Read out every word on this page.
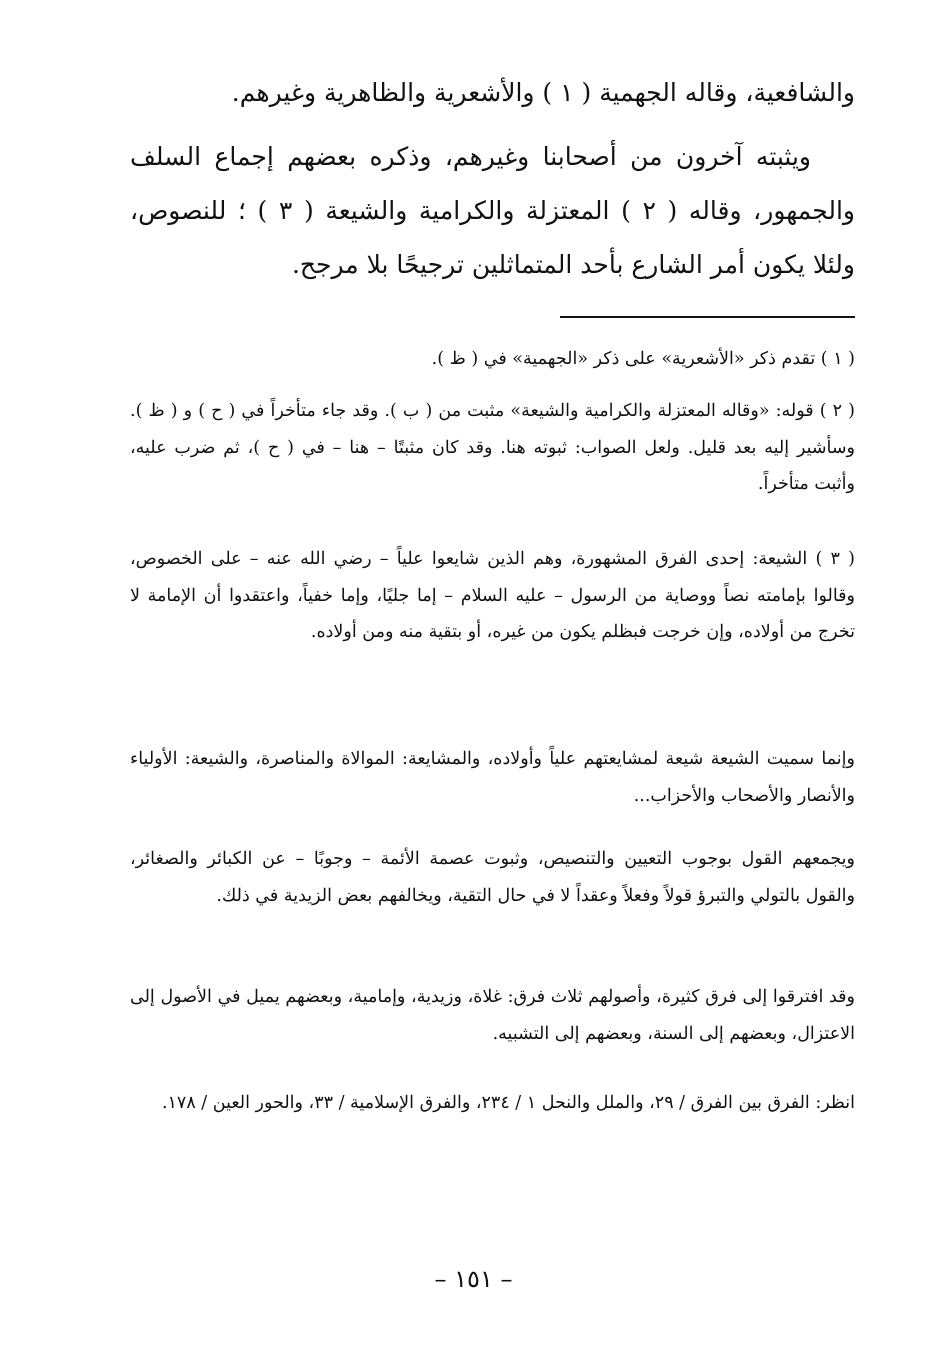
والشافعية، وقاله الجهمية ( ١ ) والأشعرية والظاهرية وغيرهم.
ويثبته آخرون من أصحابنا وغيرهم، وذكره بعضهم إجماع السلف والجمهور، وقاله ( ٢ ) المعتزلة والكرامية والشيعة ( ٣ ) ؛ للنصوص، ولئلا يكون أمر الشارع بأحد المتماثلين ترجيحًا بلا مرجح.
( ١ ) تقدم ذكر «الأشعرية» على ذكر «الجهمية» في ( ظ ).
( ٢ ) قوله: «وقاله المعتزلة والكرامية والشيعة» مثبت من ( ب ). وقد جاء متأخراً في ( ح ) و ( ظ ). وسأشير إليه بعد قليل. ولعل الصواب: ثبوته هنا. وقد كان مثبتًا – هنا – في ( ح )، ثم ضرب عليه، وأثبت متأخراً.
( ٣ ) الشيعة: إحدى الفرق المشهورة، وهم الذين شايعوا علياً – رضي الله عنه – على الخصوص، وقالوا بإمامته نصاً ووصاية من الرسول – عليه السلام – إما جليًا، وإما خفياً، واعتقدوا أن الإمامة لا تخرج من أولاده، وإن خرجت فبظلم يكون من غيره، أو بتقية منه ومن أولاده.
وإنما سميت الشيعة شيعة لمشايعتهم علياً وأولاده، والمشايعة: الموالاة والمناصرة، والشيعة: الأولياء والأنصار والأصحاب والأحزاب...
ويجمعهم القول بوجوب التعيين والتنصيص، وثبوت عصمة الأئمة – وجوبًا – عن الكبائر والصغائر، والقول بالتولي والتبرؤ قولاً وفعلاً وعقداً لا في حال التقية، ويخالفهم بعض الزيدية في ذلك.
وقد افترقوا إلى فرق كثيرة، وأصولهم ثلاث فرق: غلاة، وزيدية، وإمامية، وبعضهم يميل في الأصول إلى الاعتزال، وبعضهم إلى السنة، وبعضهم إلى التشبيه.
انظر: الفرق بين الفرق / ٢٩، والملل والنحل ١ / ٢٣٤، والفرق الإسلامية / ٣٣، والحور العين / ١٧٨.
– ١٥١ –
